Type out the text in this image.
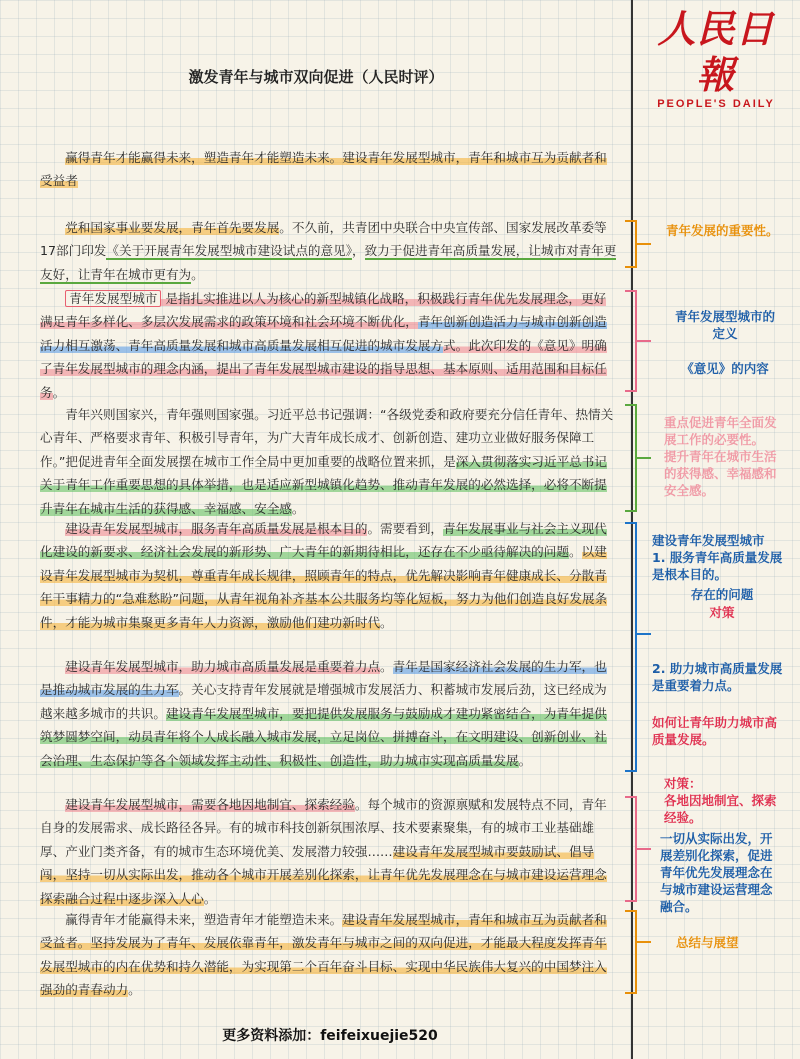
人民日報
PEOPLE'S DAILY
激发青年与城市双向促进（人民时评）

赢得青年才能赢得未来，塑造青年才能塑造未来。建设青年发展型城市，青年和城市互为贡献者和受益者

党和国家事业要发展，青年首先要发展。不久前，共青团中央联合中央宣传部、国家发展改革委等17部门印发《关于开展青年发展型城市建设试点的意见》，致力于促进青年高质量发展，让城市对青年更友好，让青年在城市更有为。

青年发展型城市 是指扎实推进以人为核心的新型城镇化战略，积极践行青年优先发展理念，更好满足青年多样化、多层次发展需求的政策环境和社会环境不断优化，青年创新创造活力与城市创新创造活力相互激荡、青年高质量发展和城市高质量发展相互促进的城市发展方式。此次印发的《意见》明确了青年发展型城市的理念内涵，提出了青年发展型城市建设的指导思想、基本原则、适用范围和目标任务。

青年兴则国家兴，青年强则国家强。习近平总书记强调：“各级党委和政府要充分信任青年、热情关心青年、严格要求青年、积极引导青年，为广大青年成长成才、创新创造、建功立业做好服务保障工作。”把促进青年全面发展摆在城市工作全局中更加重要的战略位置来抓，是深入贯彻落实习近平总书记关于青年工作重要思想的具体举措，也是适应新型城镇化趋势、推动青年发展的必然选择，必将不断提升青年在城市生活的获得感、幸福感、安全感。

建设青年发展型城市，服务青年高质量发展是根本目的。需要看到，青年发展事业与社会主义现代化建设的新要求、经济社会发展的新形势、广大青年的新期待相比，还存在不少亟待解决的问题。以建设青年发展型城市为契机，尊重青年成长规律，照顾青年的特点，优先解决影响青年健康成长、分散青年干事精力的“急难愁盼”问题，从青年视角补齐基本公共服务均等化短板，努力为他们创造良好发展条件，才能为城市集聚更多青年人力资源，激励他们建功新时代。

建设青年发展型城市，助力城市高质量发展是重要着力点。青年是国家经济社会发展的生力军，也是推动城市发展的生力军。关心支持青年发展就是增强城市发展活力、积蓄城市发展后劲，这已经成为越来越多城市的共识。建设青年发展型城市，要把提供发展服务与鼓励成才建功紧密结合，为青年提供筑梦圆梦空间，动员青年将个人成长融入城市发展，立足岗位、拼搏奋斗，在文明建设、创新创业、社会治理、生态保护等各个领域发挥主动性、积极性、创造性，助力城市实现高质量发展。

建设青年发展型城市，需要各地因地制宜、探索经验。每个城市的资源禀赋和发展特点不同，青年自身的发展需求、成长路径各异。有的城市科技创新氛围浓厚、技术要素聚集，有的城市工业基础雄厚、产业门类齐备，有的城市生态环境优美、发展潜力较强……建设青年发展型城市要鼓励试、倡导闯，坚持一切从实际出发，推动各个城市开展差别化探索，让青年优先发展理念在与城市建设运营理念探索融合过程中逐步深入人心。

赢得青年才能赢得未来，塑造青年才能塑造未来。建设青年发展型城市，青年和城市互为贡献者和受益者。坚持发展为了青年、发展依靠青年，激发青年与城市之间的双向促进，才能最大程度发挥青年发展型城市的内在优势和持久潜能，为实现第二个百年奋斗目标、实现中华民族伟大复兴的中国梦注入强劲的青春动力。

青年发展的重要性。
青年发展型城市的
定义
《意见》的内容
重点促进青年全面发
展工作的必要性。
提升青年在城市生活
的获得感、幸福感和
安全感。
建设青年发展型城市
1. 服务青年高质量发展
是根本目的。
存在的问题
对策
2. 助力城市高质量发展
是重要着力点。
如何让青年助力城市高
质量发展。
对策：
各地因地制宜、探索
经验。
一切从实际出发，开
展差别化探索，促进
青年优先发展理念在
与城市建设运营理念
融合。
总结与展望
更多资料添加：feifeixuejie520
